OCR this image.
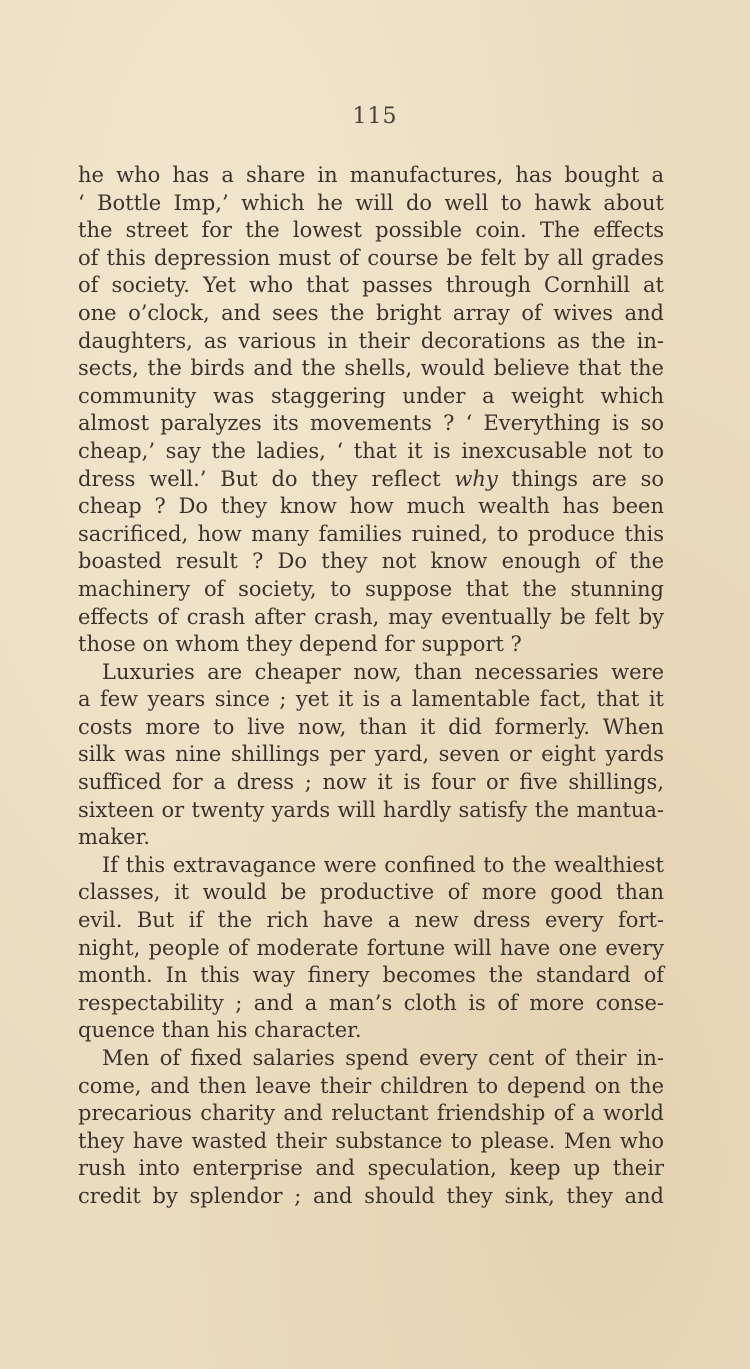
115

he who has a share in manufactures, has bought a
‘ Bottle Imp,’ which he will do well to hawk about
the street for the lowest possible coin. The effects
of this depression must of course be felt by all grades
of society. Yet who that passes through Cornhill at
one o’clock, and sees the bright array of wives and
daughters, as various in their decorations as the in-
sects, the birds and the shells, would believe that the
community was staggering under a weight which
almost paralyzes its movements ? ‘ Everything is so
cheap,’ say the ladies, ‘ that it is inexcusable not to
dress well.’ But do they reflect why things are so
cheap ? Do they know how much wealth has been
sacrificed, how many families ruined, to produce this
boasted result ? Do they not know enough of the
machinery of society, to suppose that the stunning
effects of crash after crash, may eventually be felt by
those on whom they depend for support ?

Luxuries are cheaper now, than necessaries were
a few years since ; yet it is a lamentable fact, that it
costs more to live now, than it did formerly. When
silk was nine shillings per yard, seven or eight yards
sufficed for a dress ; now it is four or five shillings,
sixteen or twenty yards will hardly satisfy the mantua-
maker.

If this extravagance were confined to the wealthiest
classes, it would be productive of more good than
evil. But if the rich have a new dress every fort-
night, people of moderate fortune will have one every
month. In this way finery becomes the standard of
respectability ; and a man’s cloth is of more conse-
quence than his character.

Men of fixed salaries spend every cent of their in-
come, and then leave their children to depend on the
precarious charity and reluctant friendship of a world
they have wasted their substance to please. Men who
rush into enterprise and speculation, keep up their
credit by splendor ; and should they sink, they and
